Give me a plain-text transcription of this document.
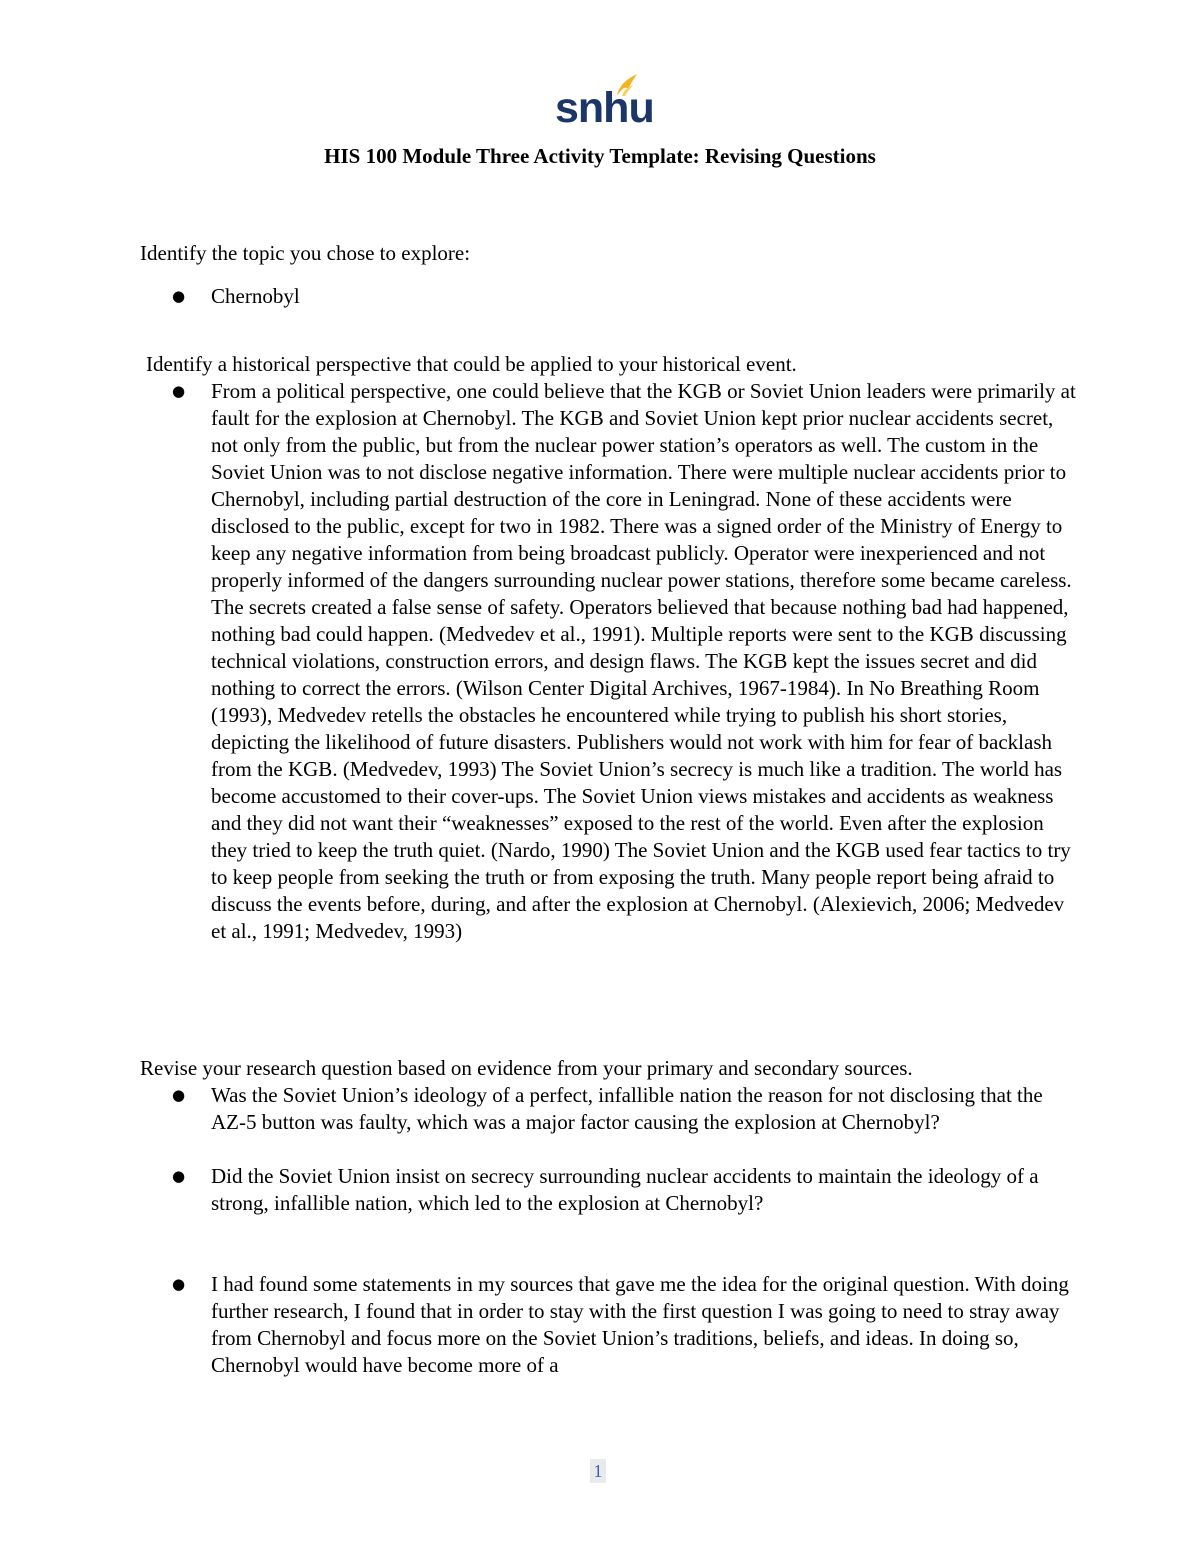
snhu
HIS 100 Module Three Activity Template: Revising Questions

Identify the topic you chose to explore:

●	Chernobyl

Identify a historical perspective that could be applied to your historical event.

●	From a political perspective, one could believe that the KGB or Soviet Union leaders were primarily at fault for the explosion at Chernobyl. The KGB and Soviet Union kept prior nuclear accidents secret, not only from the public, but from the nuclear power station’s operators as well. The custom in the Soviet Union was to not disclose negative information. There were multiple nuclear accidents prior to Chernobyl, including partial destruction of the core in Leningrad. None of these accidents were disclosed to the public, except for two in 1982. There was a signed order of the Ministry of Energy to keep any negative information from being broadcast publicly. Operator were inexperienced and not properly informed of the dangers surrounding nuclear power stations, therefore some became careless. The secrets created a false sense of safety. Operators believed that because nothing bad had happened, nothing bad could happen. (Medvedev et al., 1991). Multiple reports were sent to the KGB discussing technical violations, construction errors, and design flaws. The KGB kept the issues secret and did nothing to correct the errors. (Wilson Center Digital Archives, 1967-1984). In No Breathing Room (1993), Medvedev retells the obstacles he encountered while trying to publish his short stories, depicting the likelihood of future disasters. Publishers would not work with him for fear of backlash from the KGB. (Medvedev, 1993) The Soviet Union’s secrecy is much like a tradition. The world has become accustomed to their cover-ups. The Soviet Union views mistakes and accidents as weakness and they did not want their “weaknesses” exposed to the rest of the world. Even after the explosion they tried to keep the truth quiet. (Nardo, 1990) The Soviet Union and the KGB used fear tactics to try to keep people from seeking the truth or from exposing the truth. Many people report being afraid to discuss the events before, during, and after the explosion at Chernobyl. (Alexievich, 2006; Medvedev et al., 1991; Medvedev, 1993)

Revise your research question based on evidence from your primary and secondary sources.

●	Was the Soviet Union’s ideology of a perfect, infallible nation the reason for not disclosing that the AZ-5 button was faulty, which was a major factor causing the explosion at Chernobyl?
●	Did the Soviet Union insist on secrecy surrounding nuclear accidents to maintain the ideology of a strong, infallible nation, which led to the explosion at Chernobyl?
●	I had found some statements in my sources that gave me the idea for the original question. With doing further research, I found that in order to stay with the first question I was going to need to stray away from Chernobyl and focus more on the Soviet Union’s traditions, beliefs, and ideas. In doing so, Chernobyl would have become more of a
1
